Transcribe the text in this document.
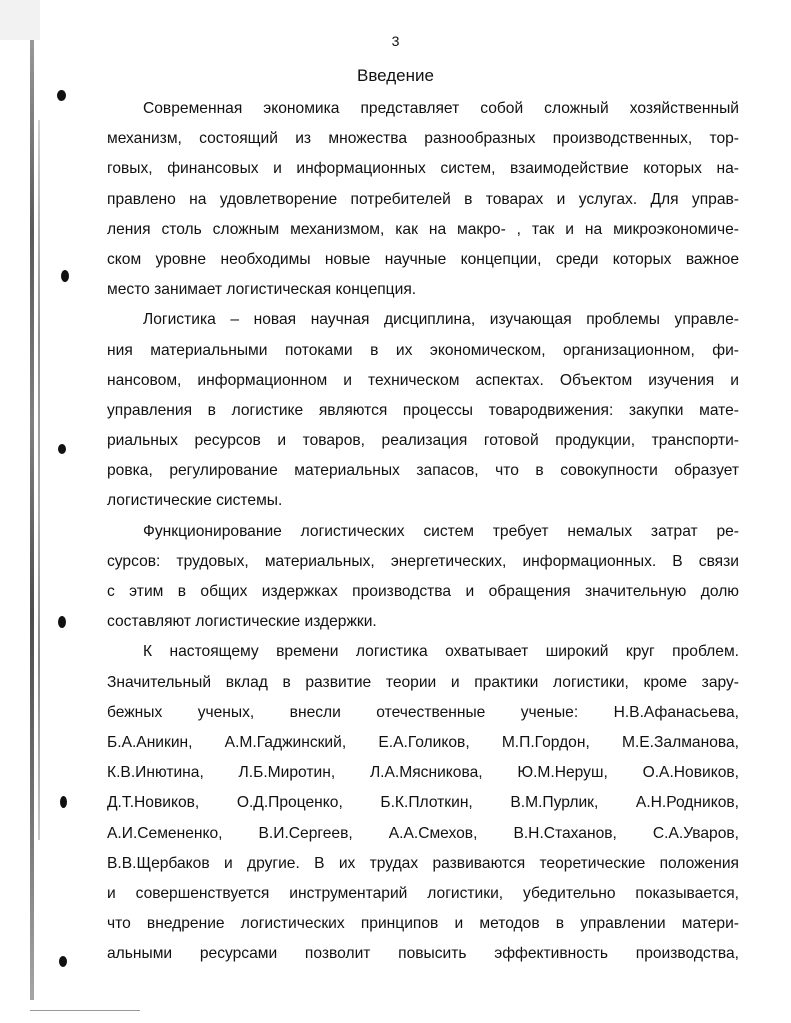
3
Введение
Современная экономика представляет собой сложный хозяйственный
механизм, состоящий из множества разнообразных производственных, тор-
говых, финансовых и информационных систем, взаимодействие которых на-
правлено на удовлетворение потребителей в товарах и услугах. Для управ-
ления столь сложным механизмом, как на макро- , так и на микроэкономиче-
ском уровне необходимы новые научные концепции, среди которых важное
место занимает логистическая концепция.
Логистика – новая научная дисциплина, изучающая проблемы управле-
ния материальными потоками в их экономическом, организационном, фи-
нансовом, информационном и техническом аспектах. Объектом изучения и
управления в логистике являются процессы товародвижения: закупки мате-
риальных ресурсов и товаров, реализация готовой продукции, транспорти-
ровка, регулирование материальных запасов, что в совокупности образует
логистические системы.
Функционирование логистических систем требует немалых затрат ре-
сурсов: трудовых, материальных, энергетических, информационных. В связи
с этим в общих издержках производства и обращения значительную долю
составляют логистические издержки.
К настоящему времени логистика охватывает широкий круг проблем.
Значительный вклад в развитие теории и практики логистики, кроме зару-
бежных ученых, внесли отечественные ученые: Н.В.Афанасьева,
Б.А.Аникин, А.М.Гаджинский, Е.А.Голиков, М.П.Гордон, М.Е.Залманова,
К.В.Инютина, Л.Б.Миротин, Л.А.Мясникова, Ю.М.Неруш, О.А.Новиков,
Д.Т.Новиков, О.Д.Проценко, Б.К.Плоткин, В.М.Пурлик, А.Н.Родников,
А.И.Семененко, В.И.Сергеев, А.А.Смехов, В.Н.Стаханов, С.А.Уваров,
В.В.Щербаков и другие. В их трудах развиваются теоретические положения
и совершенствуется инструментарий логистики, убедительно показывается,
что внедрение логистических принципов и методов в управлении матери-
альными ресурсами позволит повысить эффективность производства,
